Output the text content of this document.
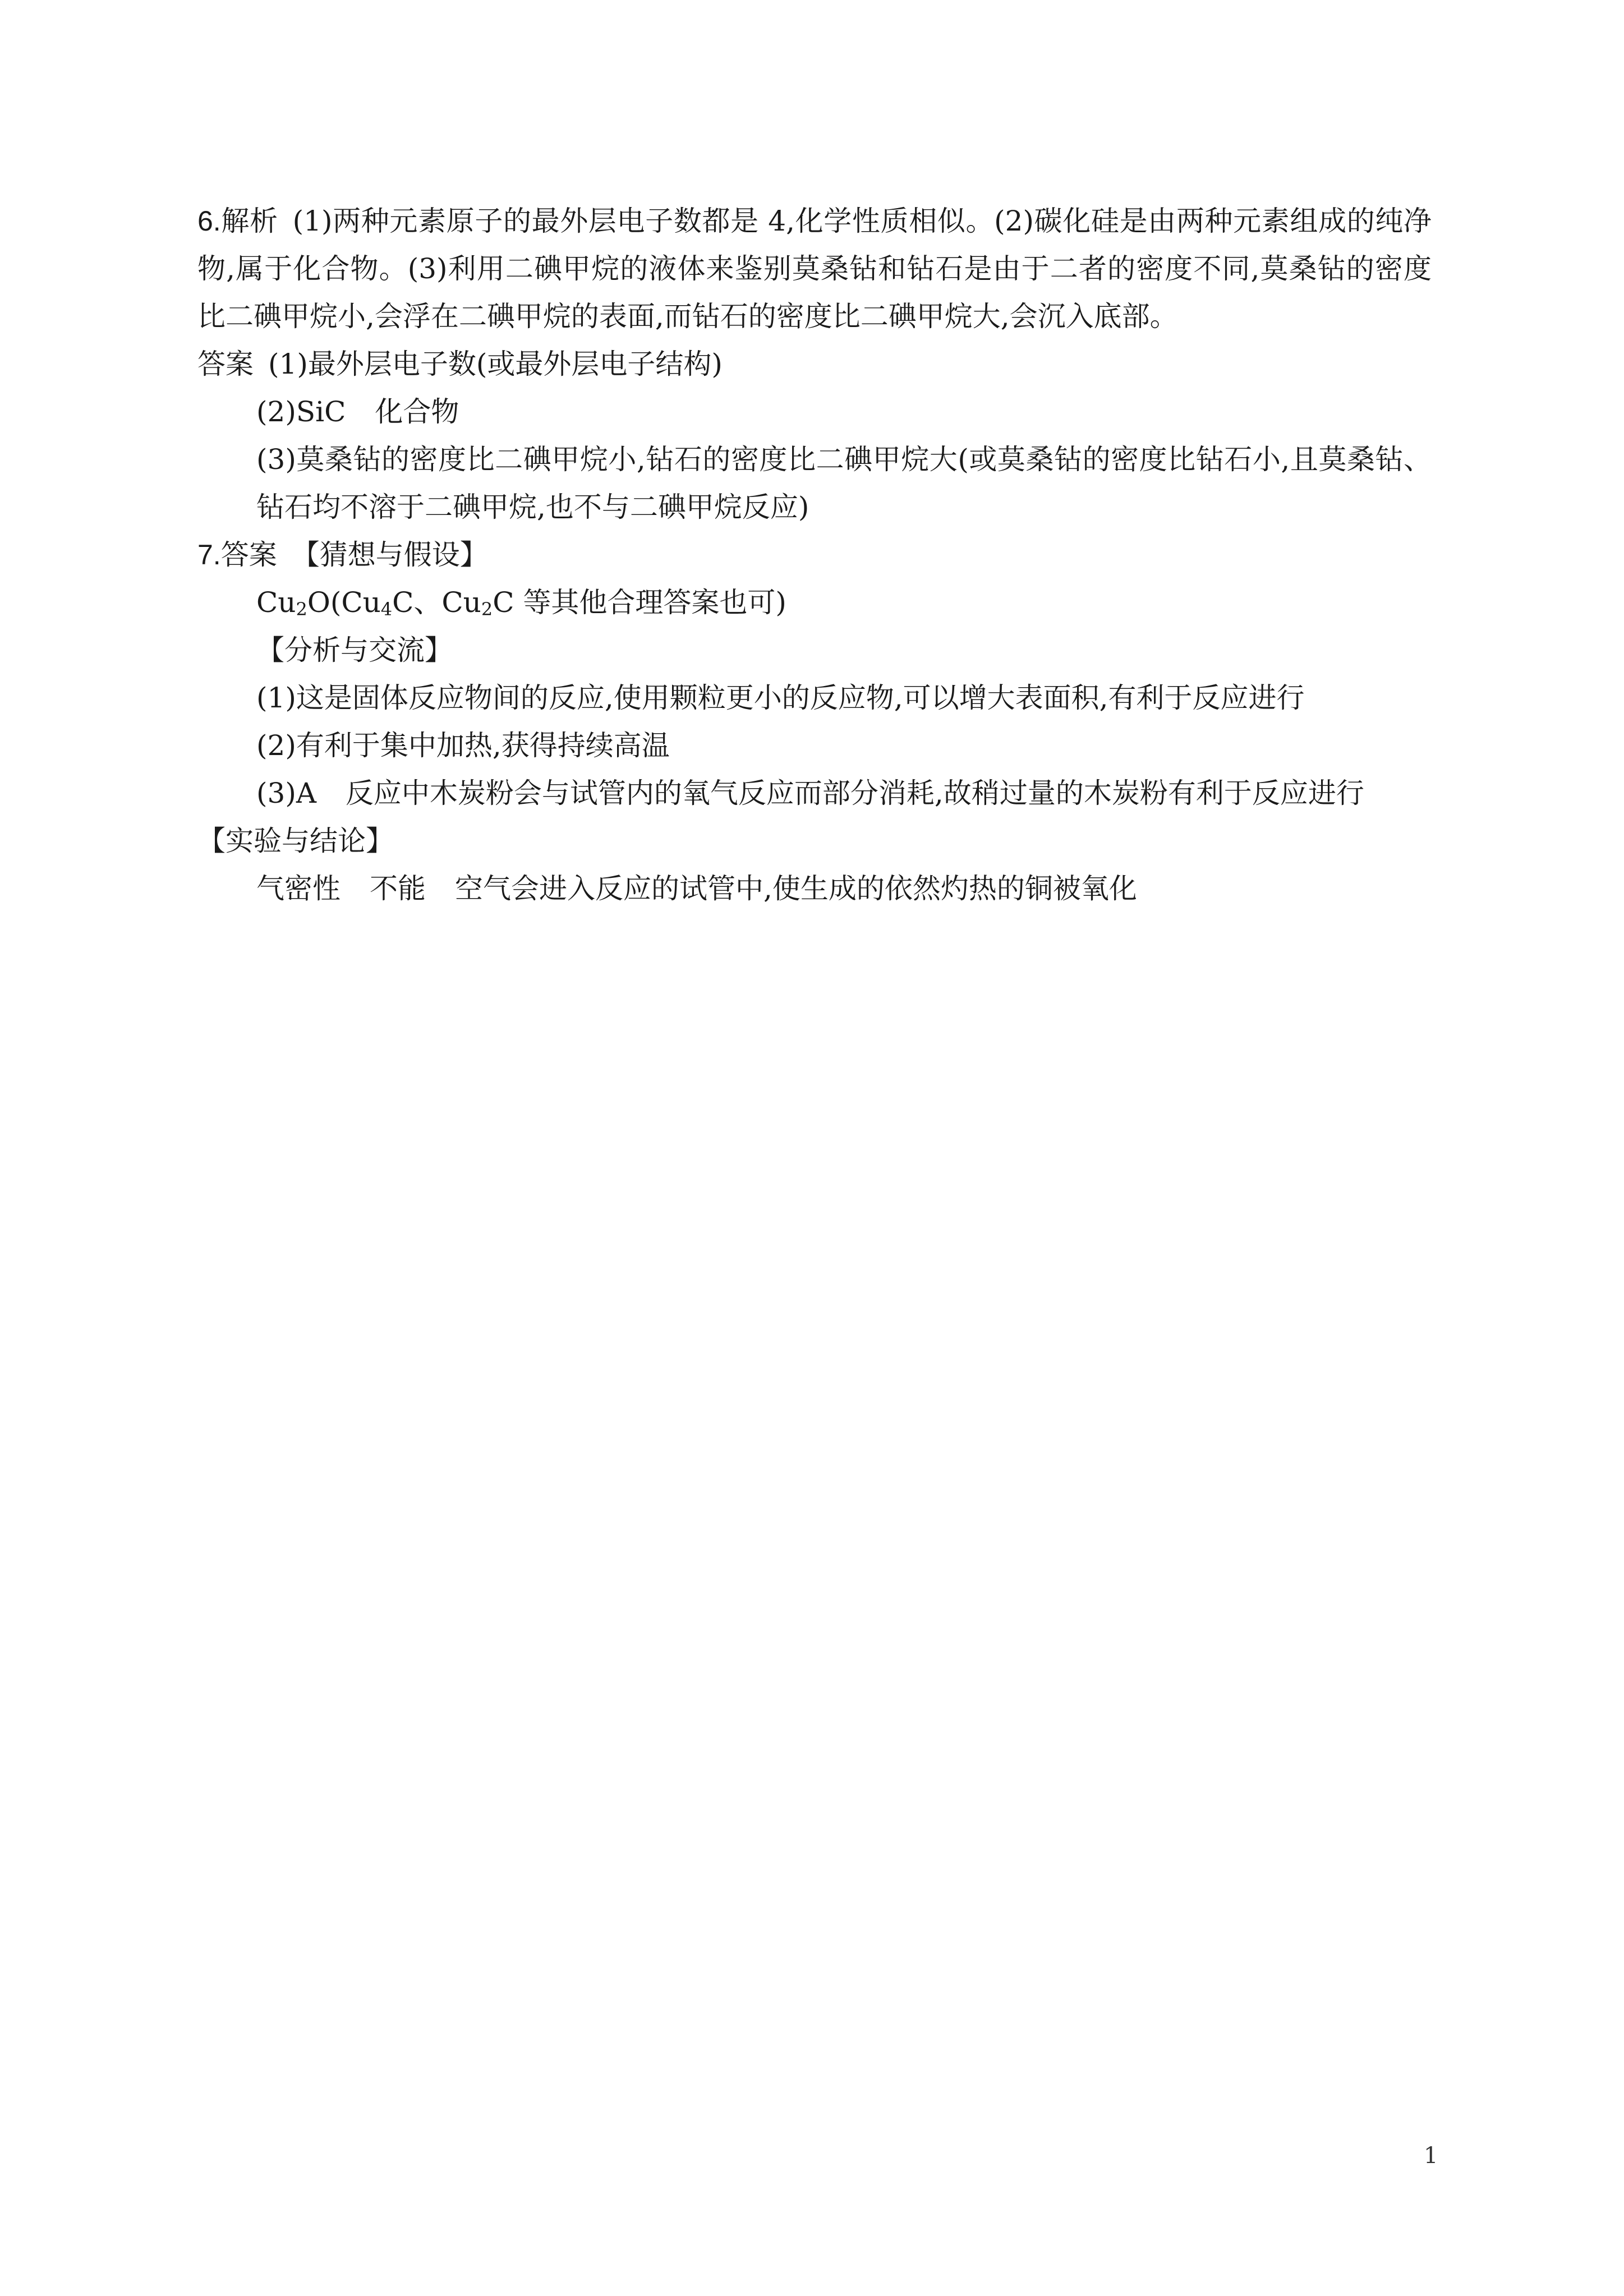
6.解析 (1)两种元素原子的最外层电子数都是 4,化学性质相似。(2)碳化硅是由两种元素组成的纯净物,属于化合物。(3)利用二碘甲烷的液体来鉴别莫桑钻和钻石是由于二者的密度不同,莫桑钻的密度比二碘甲烷小,会浮在二碘甲烷的表面,而钻石的密度比二碘甲烷大,会沉入底部。

答案 (1)最外层电子数(或最外层电子结构)

(2)SiC 化合物

(3)莫桑钻的密度比二碘甲烷小,钻石的密度比二碘甲烷大(或莫桑钻的密度比钻石小,且莫桑钻、钻石均不溶于二碘甲烷,也不与二碘甲烷反应)

7.答案 【猜想与假设】

$Cu_2O(Cu_4C$、$Cu_2C$ 等其他合理答案也可)

【分析与交流】

(1)这是固体反应物间的反应,使用颗粒更小的反应物,可以增大表面积,有利于反应进行

(2)有利于集中加热,获得持续高温

(3)A 反应中木炭粉会与试管内的氧气反应而部分消耗,故稍过量的木炭粉有利于反应进行

【实验与结论】

气密性 不能 空气会进入反应的试管中,使生成的依然灼热的铜被氧化

1
